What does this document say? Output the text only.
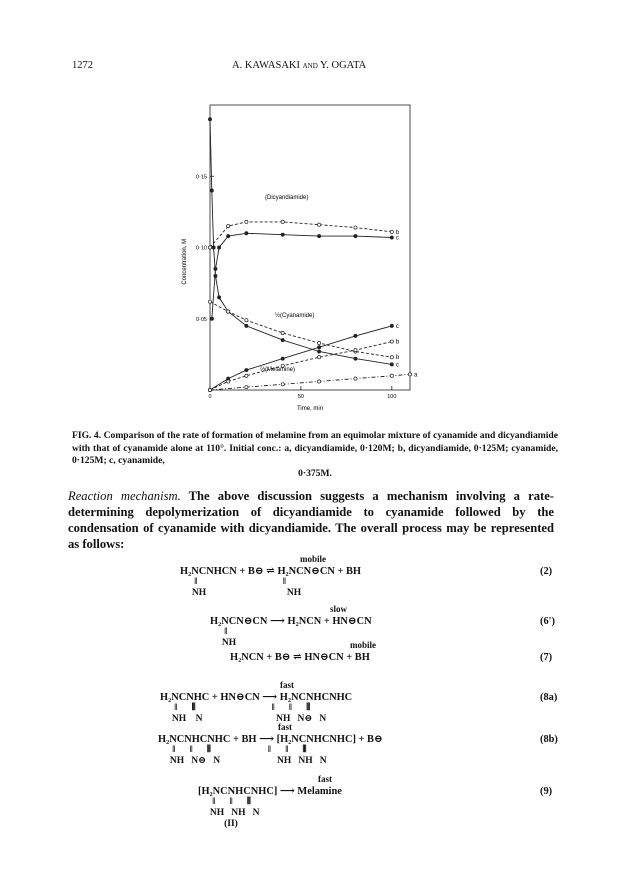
1272	A. KAWASAKI and Y. OGATA
0·15
0·10
0·05
0	50	100
Time, min
Concentration, M
b
c
c
b
c
b
a
(Dicyandiamide)
½(Cyanamide)
⅔(Melamine)
FIG. 4. Comparison of the rate of formation of melamine from an equimolar mixture of cyanamide and dicyandiamide with that of cyanamide alone at 110°. Initial conc.: a, dicyandiamide, 0·120M; b, dicyandiamide, 0·125M; cyanamide, 0·125M; c, cyanamide,
0·375M.
Reaction mechanism. The above discussion suggests a mechanism involving a rate-determining depolymerization of dicyandiamide to cyanamide followed by the condensation of cyanamide with dicyandiamide. The overall process may be represented as follows:
mobile
H₂NCNHCN + B⊖ ⇌ H₂NCN⊖CN + BH
‖                                    ‖
NH                                  NH
(2)
slow
H₂NCN⊖CN ⟶ H₂NCN + HN⊖CN
‖
NH
(6')
mobile
H₂NCN + B⊖ ⇌ HN⊖CN + BH	(7)
fast
H₂NCNHC + HN⊖CN ⟶ H₂NCNHCNHC
‖      ⫴                                ‖      ‖      ⫴
NH    N                               NH   N⊖   N
(8a)
fast
H₂NCNHCNHC + BH ⟶ [H₂NCNHCNHC] + B⊖
‖      ‖      ⫴                        ‖      ‖      ⫴
NH   N⊖   N                        NH   NH   N
(8b)
fast
[H₂NCNHCNHC] ⟶ Melamine
‖      ‖      ⫴
NH   NH   N
(II)
(9)
